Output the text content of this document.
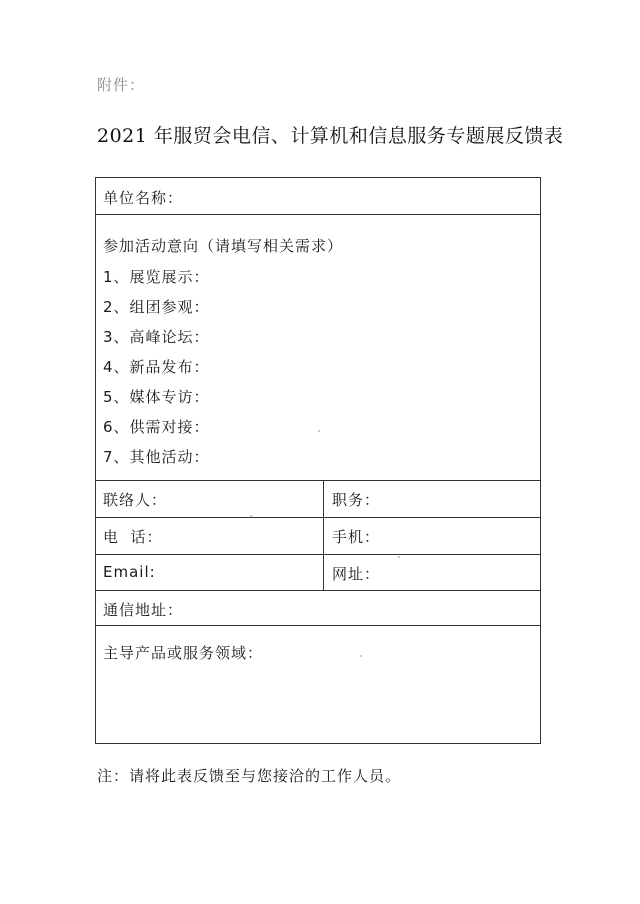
附件：
2021 年服贸会电信、计算机和信息服务专题展反馈表
单位名称：
参加活动意向（请填写相关需求）
1、展览展示：
2、组团参观：
3、高峰论坛：
4、新品发布：
5、媒体专访：
6、供需对接：
7、其他活动：
联络人：	职务：
电  话：	手机：
Email:	网址：
通信地址：
主导产品或服务领域：
注：请将此表反馈至与您接洽的工作人员。
